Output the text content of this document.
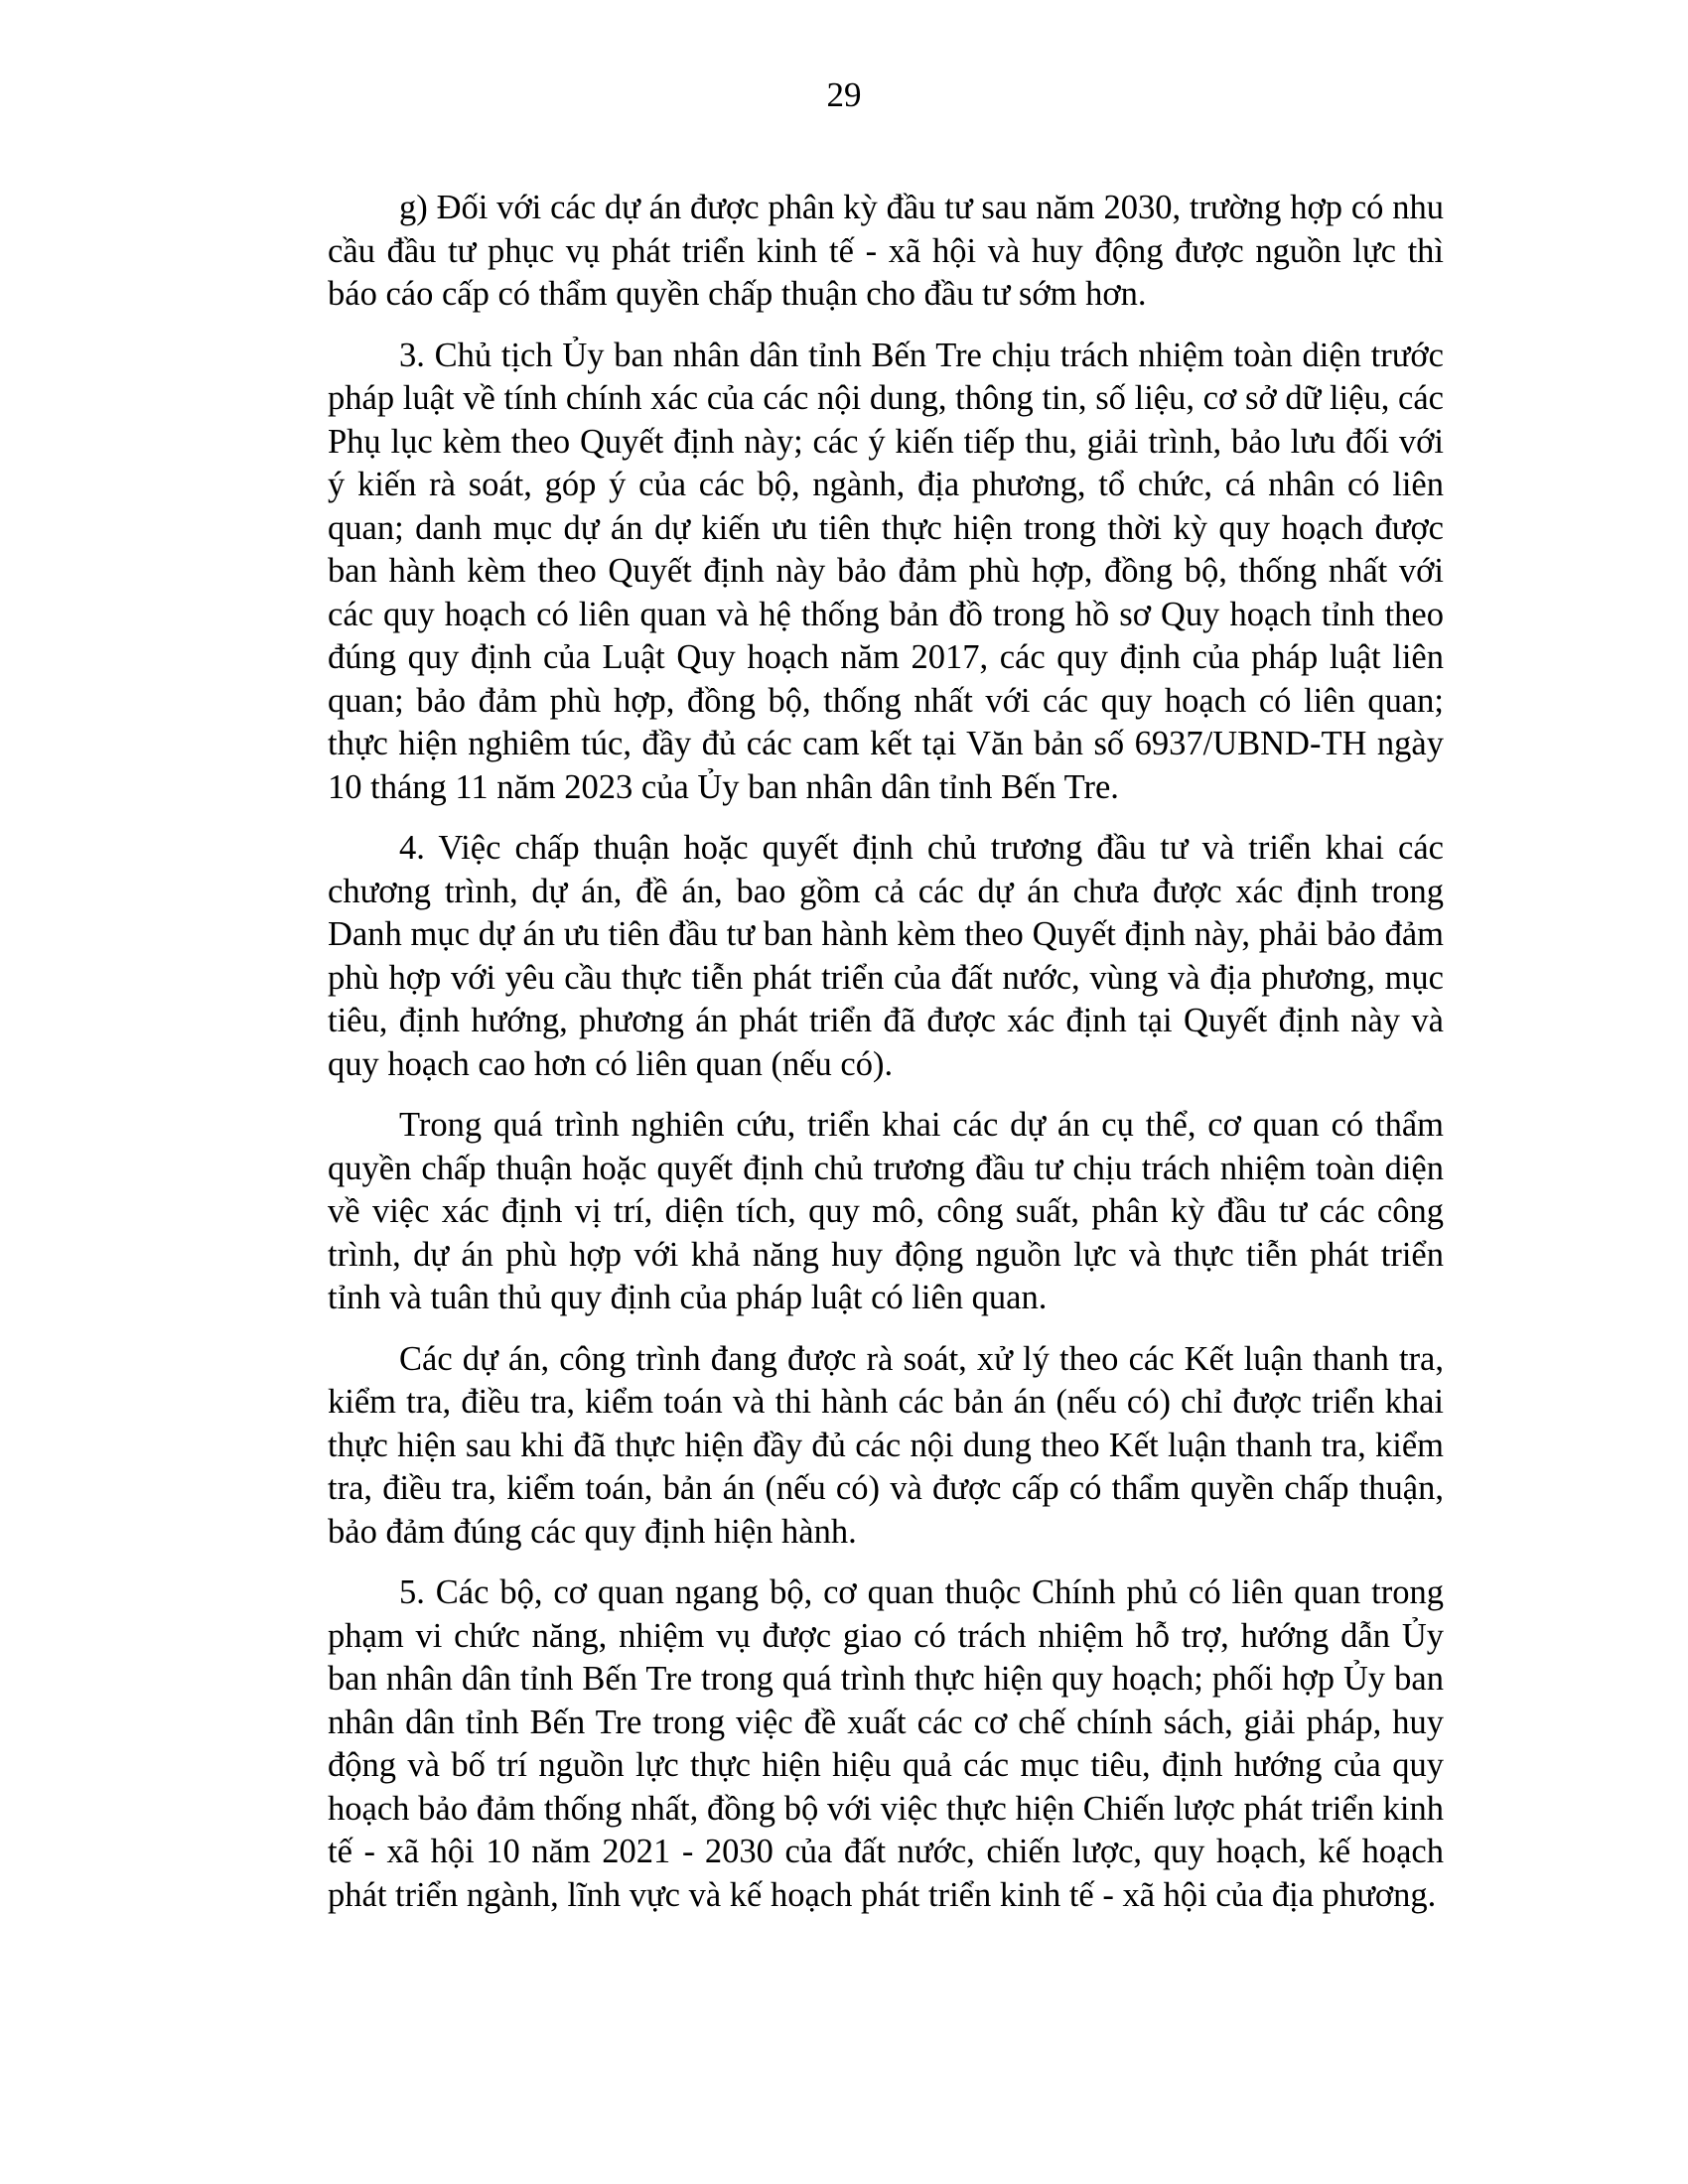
29

g) Đối với các dự án được phân kỳ đầu tư sau năm 2030, trường hợp có nhu cầu đầu tư phục vụ phát triển kinh tế - xã hội và huy động được nguồn lực thì báo cáo cấp có thẩm quyền chấp thuận cho đầu tư sớm hơn.

3. Chủ tịch Ủy ban nhân dân tỉnh Bến Tre chịu trách nhiệm toàn diện trước pháp luật về tính chính xác của các nội dung, thông tin, số liệu, cơ sở dữ liệu, các Phụ lục kèm theo Quyết định này; các ý kiến tiếp thu, giải trình, bảo lưu đối với ý kiến rà soát, góp ý của các bộ, ngành, địa phương, tổ chức, cá nhân có liên quan; danh mục dự án dự kiến ưu tiên thực hiện trong thời kỳ quy hoạch được ban hành kèm theo Quyết định này bảo đảm phù hợp, đồng bộ, thống nhất với các quy hoạch có liên quan và hệ thống bản đồ trong hồ sơ Quy hoạch tỉnh theo đúng quy định của Luật Quy hoạch năm 2017, các quy định của pháp luật liên quan; bảo đảm phù hợp, đồng bộ, thống nhất với các quy hoạch có liên quan; thực hiện nghiêm túc, đầy đủ các cam kết tại Văn bản số 6937/UBND-TH ngày 10 tháng 11 năm 2023 của Ủy ban nhân dân tỉnh Bến Tre.

4. Việc chấp thuận hoặc quyết định chủ trương đầu tư và triển khai các chương trình, dự án, đề án, bao gồm cả các dự án chưa được xác định trong Danh mục dự án ưu tiên đầu tư ban hành kèm theo Quyết định này, phải bảo đảm phù hợp với yêu cầu thực tiễn phát triển của đất nước, vùng và địa phương, mục tiêu, định hướng, phương án phát triển đã được xác định tại Quyết định này và quy hoạch cao hơn có liên quan (nếu có).

Trong quá trình nghiên cứu, triển khai các dự án cụ thể, cơ quan có thẩm quyền chấp thuận hoặc quyết định chủ trương đầu tư chịu trách nhiệm toàn diện về việc xác định vị trí, diện tích, quy mô, công suất, phân kỳ đầu tư các công trình, dự án phù hợp với khả năng huy động nguồn lực và thực tiễn phát triển tỉnh và tuân thủ quy định của pháp luật có liên quan.

Các dự án, công trình đang được rà soát, xử lý theo các Kết luận thanh tra, kiểm tra, điều tra, kiểm toán và thi hành các bản án (nếu có) chỉ được triển khai thực hiện sau khi đã thực hiện đầy đủ các nội dung theo Kết luận thanh tra, kiểm tra, điều tra, kiểm toán, bản án (nếu có) và được cấp có thẩm quyền chấp thuận, bảo đảm đúng các quy định hiện hành.

5. Các bộ, cơ quan ngang bộ, cơ quan thuộc Chính phủ có liên quan trong phạm vi chức năng, nhiệm vụ được giao có trách nhiệm hỗ trợ, hướng dẫn Ủy ban nhân dân tỉnh Bến Tre trong quá trình thực hiện quy hoạch; phối hợp Ủy ban nhân dân tỉnh Bến Tre trong việc đề xuất các cơ chế chính sách, giải pháp, huy động và bố trí nguồn lực thực hiện hiệu quả các mục tiêu, định hướng của quy hoạch bảo đảm thống nhất, đồng bộ với việc thực hiện Chiến lược phát triển kinh tế - xã hội 10 năm 2021 - 2030 của đất nước, chiến lược, quy hoạch, kế hoạch phát triển ngành, lĩnh vực và kế hoạch phát triển kinh tế - xã hội của địa phương.
